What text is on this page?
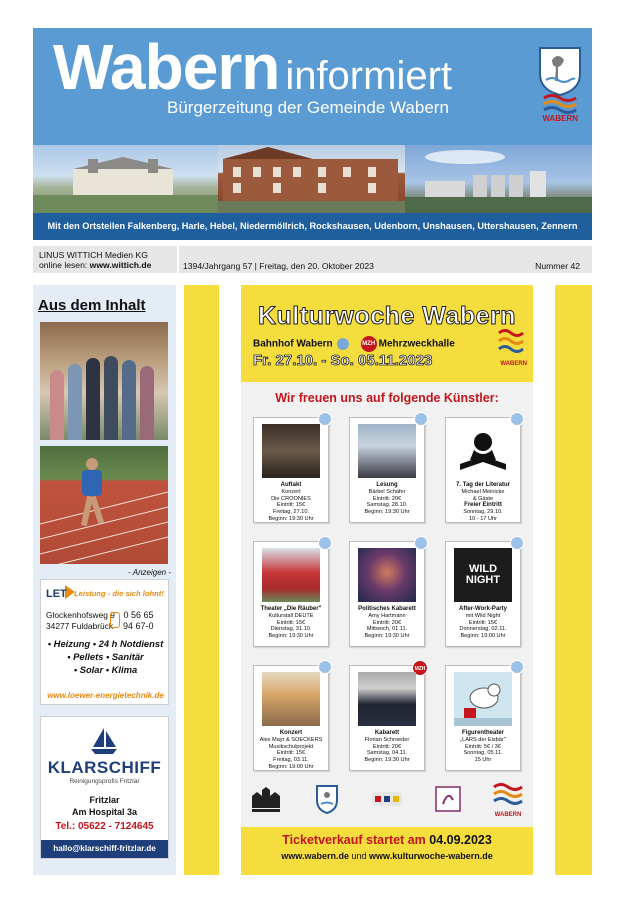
Wabern informiert
Bürgerzeitung der Gemeinde Wabern
WABERN
Mit den Ortsteilen Falkenberg, Harle, Hebel, Niedermöllrich, Rockshausen, Udenborn, Unshausen, Uttershausen, Zennern
LINUS WITTICH Medien KG
online lesen: www.wittich.de	1394/Jahrgang 57 | Freitag, den 20. Oktober 2023	Nummer 42
Aus dem Inhalt
- Anzeigen -
LET Leistung - die sich lohnt!
Glockenhofsweg 9
34277 Fuldabrück
0 56 65
94 67-0
• Heizung • 24 h Notdienst
• Pellets • Sanitär
• Solar • Klima
www.loewer-energietechnik.de
KLARSCHIFF
Reinigungsprofis Fritzlar
Fritzlar
Am Hospital 3a
Tel.: 05622 - 7124645
hallo@klarschiff-fritzlar.de
Kulturwoche Wabern
Bahnhof Wabern	MZH Mehrzweckhalle
Fr. 27.10. - So. 05.11.2023	WABERN
Wir freuen uns auf folgende Künstler:
Auftakt
Konzert
Die CROONIES
Eintritt: 15€
Freitag, 27.10.
Beginn: 19:30 Uhr
Lesung
Bärbel Schäfer
Eintritt: 20€
Samstag, 28.10.
Beginn: 19:30 Uhr
7. Tag der Literatur
Michael Meinicke
& Gäste
Freier Eintritt
Sonntag, 29.10.
10 - 17 Uhr
Theater „Die Räuber"
Kulturstall DEUTE
Eintritt: 15€
Dienstag, 31.10.
Beginn: 19:30 Uhr
Politisches Kabarett
Amy Hartmann
Eintritt: 20€
Mittwoch, 01.11.
Beginn: 19:30 Uhr
WILD NIGHT
After-Work-Party
mit Wild Night
Eintritt: 15€
Donnerstag, 02.11.
Beginn: 19:00 Uhr
Konzert
Alex Mayr & SOECKERS
Musikschulprojekt
Eintritt: 15€
Freitag, 03.11.
Beginn: 19:00 Uhr
MZH
Kabarett
Florian Schroeder
Eintritt: 20€
Samstag, 04.11.
Beginn: 19:30 Uhr
Figurentheater
„LARS der Eisbär"
Eintritt: 5€ / 3€
Sonntag, 05.11.
15 Uhr
WABERN
Ticketverkauf startet am 04.09.2023
www.wabern.de und www.kulturwoche-wabern.de
